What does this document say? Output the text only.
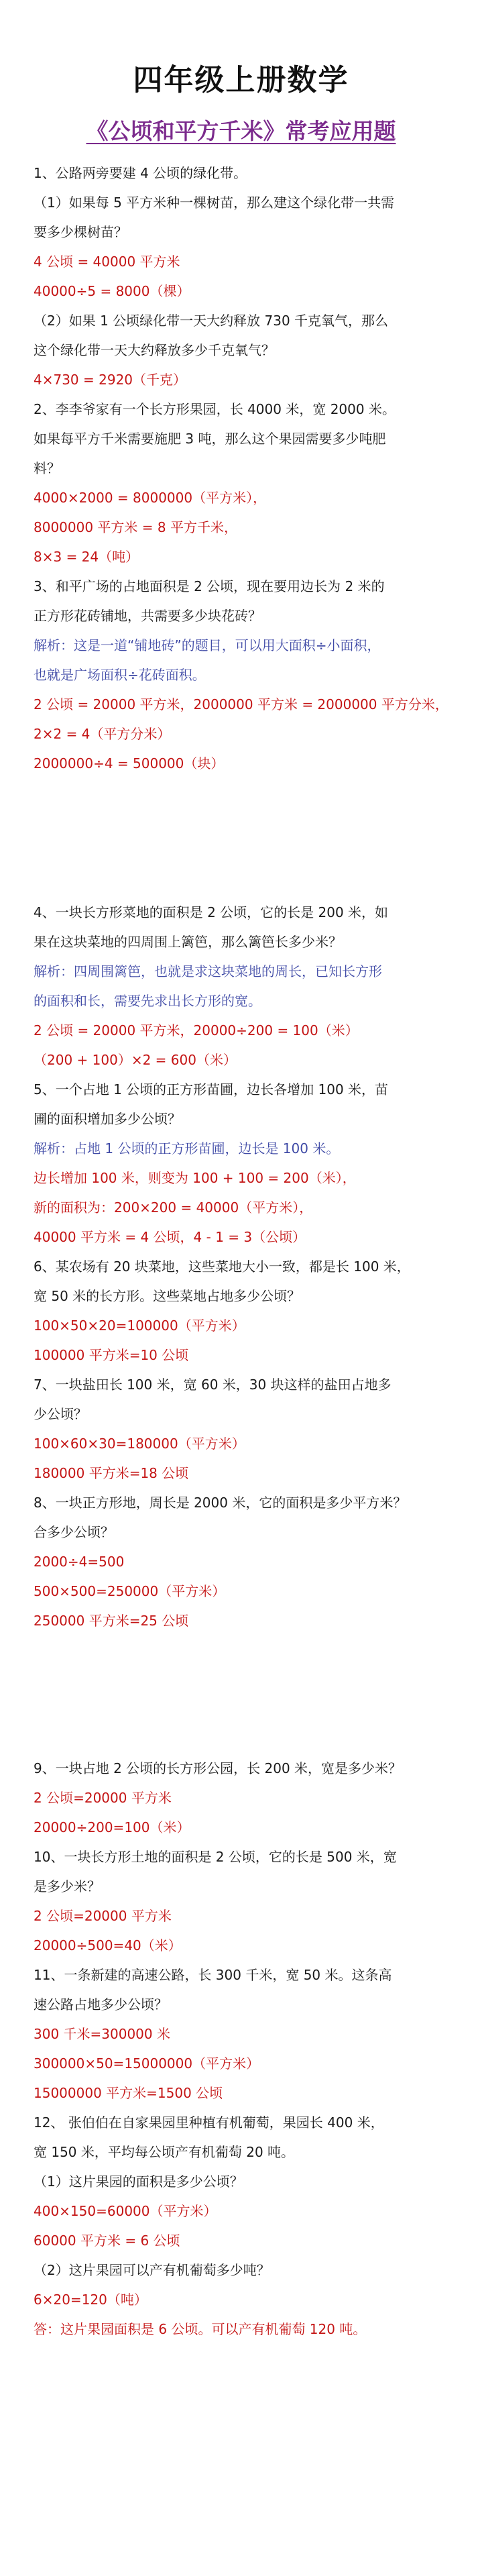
四年级上册数学
《公顷和平方千米》常考应用题
1、公路两旁要建 4 公顷的绿化带。
（1）如果每 5 平方米种一棵树苗，那么建这个绿化带一共需
要多少棵树苗？
4 公顷 = 40000 平方米
40000÷5 = 8000（棵）
（2）如果 1 公顷绿化带一天大约释放 730 千克氧气，那么
这个绿化带一天大约释放多少千克氧气？
4×730 = 2920（千克）
2、李李爷家有一个长方形果园，长 4000 米，宽 2000 米。
如果每平方千米需要施肥 3 吨，那么这个果园需要多少吨肥
料？
4000×2000 = 8000000（平方米），
8000000 平方米 = 8 平方千米，
8×3 = 24（吨）
3、和平广场的占地面积是 2 公顷，现在要用边长为 2 米的
正方形花砖铺地，共需要多少块花砖？
解析：这是一道“铺地砖”的题目，可以用大面积÷小面积，
也就是广场面积÷花砖面积。
2 公顷 = 20000 平方米，2000000 平方米 = 2000000 平方分米，
2×2 = 4（平方分米）
2000000÷4 = 500000（块）
4、一块长方形菜地的面积是 2 公顷，它的长是 200 米，如
果在这块菜地的四周围上篱笆，那么篱笆长多少米？
解析：四周围篱笆，也就是求这块菜地的周长，已知长方形
的面积和长，需要先求出长方形的宽。
2 公顷 = 20000 平方米，20000÷200 = 100（米）
（200 + 100）×2 = 600（米）
5、一个占地 1 公顷的正方形苗圃，边长各增加 100 米，苗
圃的面积增加多少公顷？
解析：占地 1 公顷的正方形苗圃，边长是 100 米。
边长增加 100 米，则变为 100 + 100 = 200（米），
新的面积为：200×200 = 40000（平方米），
40000 平方米 = 4 公顷，4 - 1 = 3（公顷）
6、某农场有 20 块菜地，这些菜地大小一致，都是长 100 米，
宽 50 米的长方形。这些菜地占地多少公顷？
100×50×20=100000（平方米）
100000 平方米=10 公顷
7、一块盐田长 100 米，宽 60 米，30 块这样的盐田占地多
少公顷？
100×60×30=180000（平方米）
180000 平方米=18 公顷
8、一块正方形地，周长是 2000 米，它的面积是多少平方米？
合多少公顷？
2000÷4=500
500×500=250000（平方米）
250000 平方米=25 公顷
9、一块占地 2 公顷的长方形公园，长 200 米，宽是多少米？
2 公顷=20000 平方米
20000÷200=100（米）
10、一块长方形土地的面积是 2 公顷，它的长是 500 米，宽
是多少米？
2 公顷=20000 平方米
20000÷500=40（米）
11、一条新建的高速公路，长 300 千米，宽 50 米。这条高
速公路占地多少公顷？
300 千米=300000 米
300000×50=15000000（平方米）
15000000 平方米=1500 公顷
12、 张伯伯在自家果园里种植有机葡萄，果园长 400 米，
宽 150 米，平均每公顷产有机葡萄 20 吨。
（1）这片果园的面积是多少公顷？
400×150=60000（平方米）
60000 平方米 = 6 公顷
（2）这片果园可以产有机葡萄多少吨？
6×20=120（吨）
答：这片果园面积是 6 公顷。可以产有机葡萄 120 吨。
